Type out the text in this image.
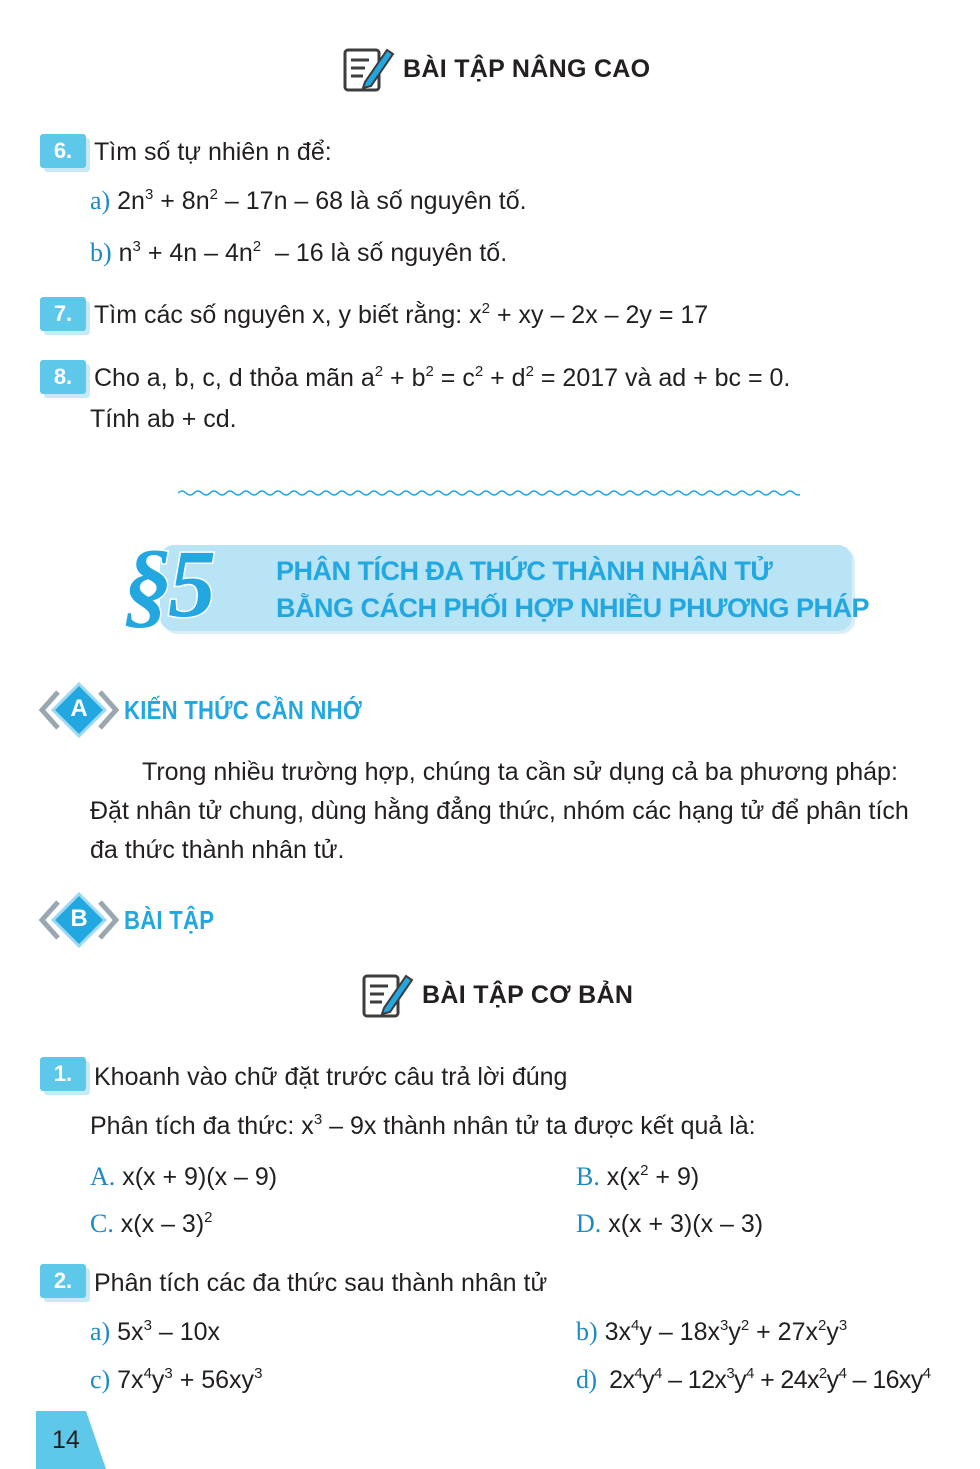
BÀI TẬP NÂNG CAO
6. Tìm số tự nhiên n để:
a) $2n^3 + 8n^2 - 17n - 68$ là số nguyên tố.
b) $n^3 + 4n - 4n^2 - 16$ là số nguyên tố.
7. Tìm các số nguyên x, y biết rằng: $x^2$ + xy – 2x – 2y = 17
8. Cho a, b, c, d thỏa mãn $a^2 + b^2 = c^2 + d^2 = 2017$ và ad + bc = 0.
Tính ab + cd.
§5 PHÂN TÍCH ĐA THỨC THÀNH NHÂN TỬ
BẰNG CÁCH PHỐI HỢP NHIỀU PHƯƠNG PHÁP
A KIẾN THỨC CẦN NHỚ
Trong nhiều trường hợp, chúng ta cần sử dụng cả ba phương pháp:
Đặt nhân tử chung, dùng hằng đẳng thức, nhóm các hạng tử để phân tích
đa thức thành nhân tử.
B BÀI TẬP
BÀI TẬP CƠ BẢN
1. Khoanh vào chữ đặt trước câu trả lời đúng
Phân tích đa thức: $x^3 - 9x$ thành nhân tử ta được kết quả là:
A. x(x + 9)(x – 9)	B. $x(x^2 + 9)$
C. x(x – 3)$^2$	D. x(x + 3)(x – 3)
2. Phân tích các đa thức sau thành nhân tử
a) $5x^3 - 10x$	b) $3x^4y - 18x^3y^2 + 27x^2y^3$
c) $7x^4y^3 + 56xy^3$	d)  $2x^4y^4 - 12x^3y^4 + 24x^2y^4 - 16xy^4$
14
